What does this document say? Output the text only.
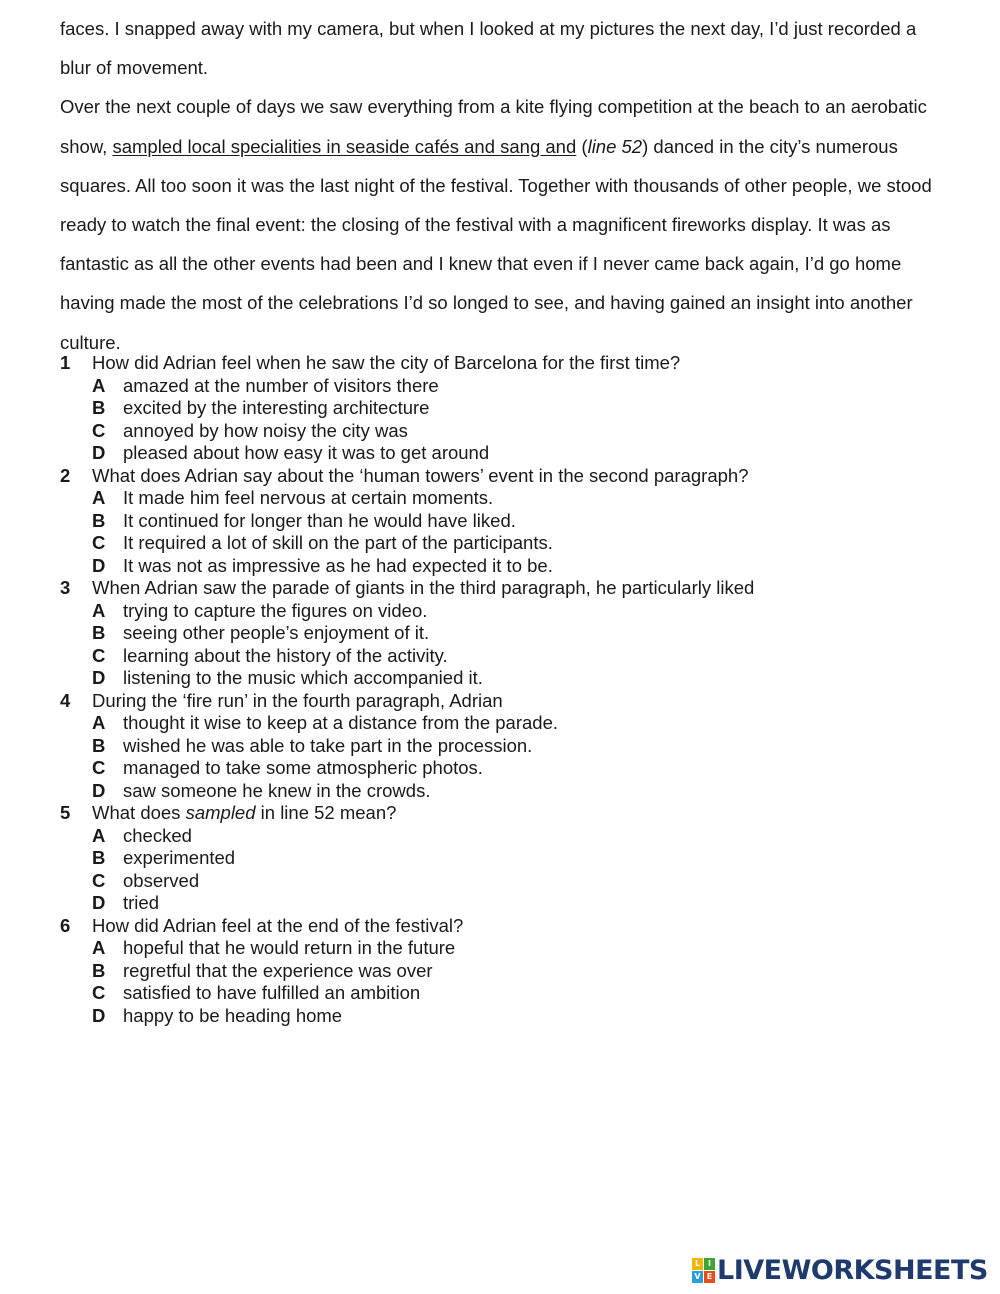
faces. I snapped away with my camera, but when I looked at my pictures the next day, I’d just recorded a blur of movement.

Over the next couple of days we saw everything from a kite flying competition at the beach to an aerobatic show, sampled local specialities in seaside cafés and sang and (line 52) danced in the city’s numerous squares. All too soon it was the last night of the festival. Together with thousands of other people, we stood ready to watch the final event: the closing of the festival with a magnificent fireworks display. It was as fantastic as all the other events had been and I knew that even if I never came back again, I’d go home having made the most of the celebrations I’d so longed to see, and having gained an insight into another culture.

1	How did Adrian feel when he saw the city of Barcelona for the first time?
A amazed at the number of visitors there
B excited by the interesting architecture
C annoyed by how noisy the city was
D pleased about how easy it was to get around
2	What does Adrian say about the ‘human towers’ event in the second paragraph?
A It made him feel nervous at certain moments.
B It continued for longer than he would have liked.
C It required a lot of skill on the part of the participants.
D It was not as impressive as he had expected it to be.
3	When Adrian saw the parade of giants in the third paragraph, he particularly liked
A trying to capture the figures on video.
B seeing other people’s enjoyment of it.
C learning about the history of the activity.
D listening to the music which accompanied it.
4	During the ‘fire run’ in the fourth paragraph, Adrian
A thought it wise to keep at a distance from the parade.
B wished he was able to take part in the procession.
C managed to take some atmospheric photos.
D saw someone he knew in the crowds.
5	What does sampled in line 52 mean?
A checked
B experimented
C observed
D tried
6	How did Adrian feel at the end of the festival?
A hopeful that he would return in the future
B regretful that the experience was over
C satisfied to have fulfilled an ambition
D happy to be heading home
L I
V E LIVEWORKSHEETS
